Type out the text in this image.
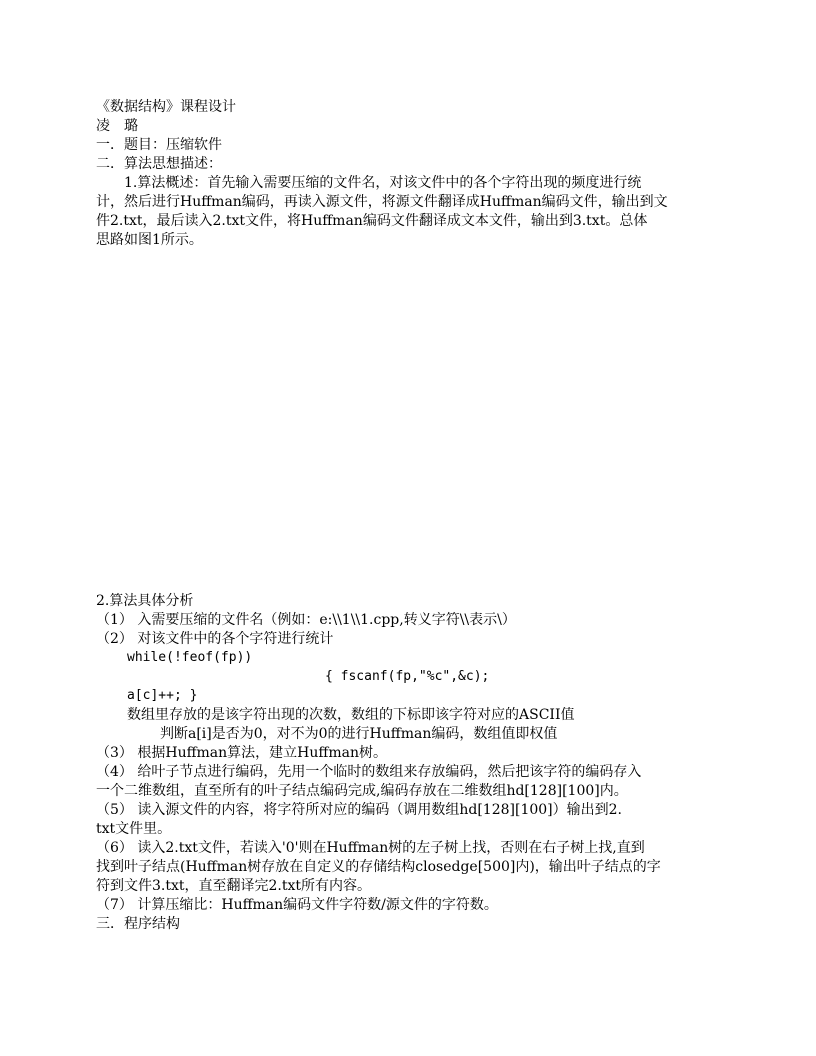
《数据结构》课程设计
凌　璐
一．题目：压缩软件
二．算法思想描述：
　　1.算法概述：首先输入需要压缩的文件名，对该文件中的各个字符出现的频度进行统
计，然后进行Huffman编码，再读入源文件，将源文件翻译成Huffman编码文件，输出到文
件2.txt，最后读入2.txt文件，将Huffman编码文件翻译成文本文件，输出到3.txt。总体
思路如图1所示。
2.算法具体分析
（1） 入需要压缩的文件名（例如：e:\\1\\1.cpp,转义字符\\表示\）
（2） 对该文件中的各个字符进行统计
while(!feof(fp))
{ fscanf(fp,"%c",&c);
a[c]++; }
数组里存放的是该字符出现的次数，数组的下标即该字符对应的ASCII值
判断a[i]是否为0，对不为0的进行Huffman编码，数组值即权值
（3） 根据Huffman算法，建立Huffman树。
（4） 给叶子节点进行编码，先用一个临时的数组来存放编码，然后把该字符的编码存入
一个二维数组，直至所有的叶子结点编码完成,编码存放在二维数组hd[128][100]内。
（5） 读入源文件的内容，将字符所对应的编码（调用数组hd[128][100]）输出到2.
txt文件里。
（6） 读入2.txt文件，若读入'0'则在Huffman树的左子树上找，否则在右子树上找,直到
找到叶子结点(Huffman树存放在自定义的存储结构closedge[500]内)，输出叶子结点的字
符到文件3.txt，直至翻译完2.txt所有内容。
（7） 计算压缩比：Huffman编码文件字符数/源文件的字符数。
三．程序结构
